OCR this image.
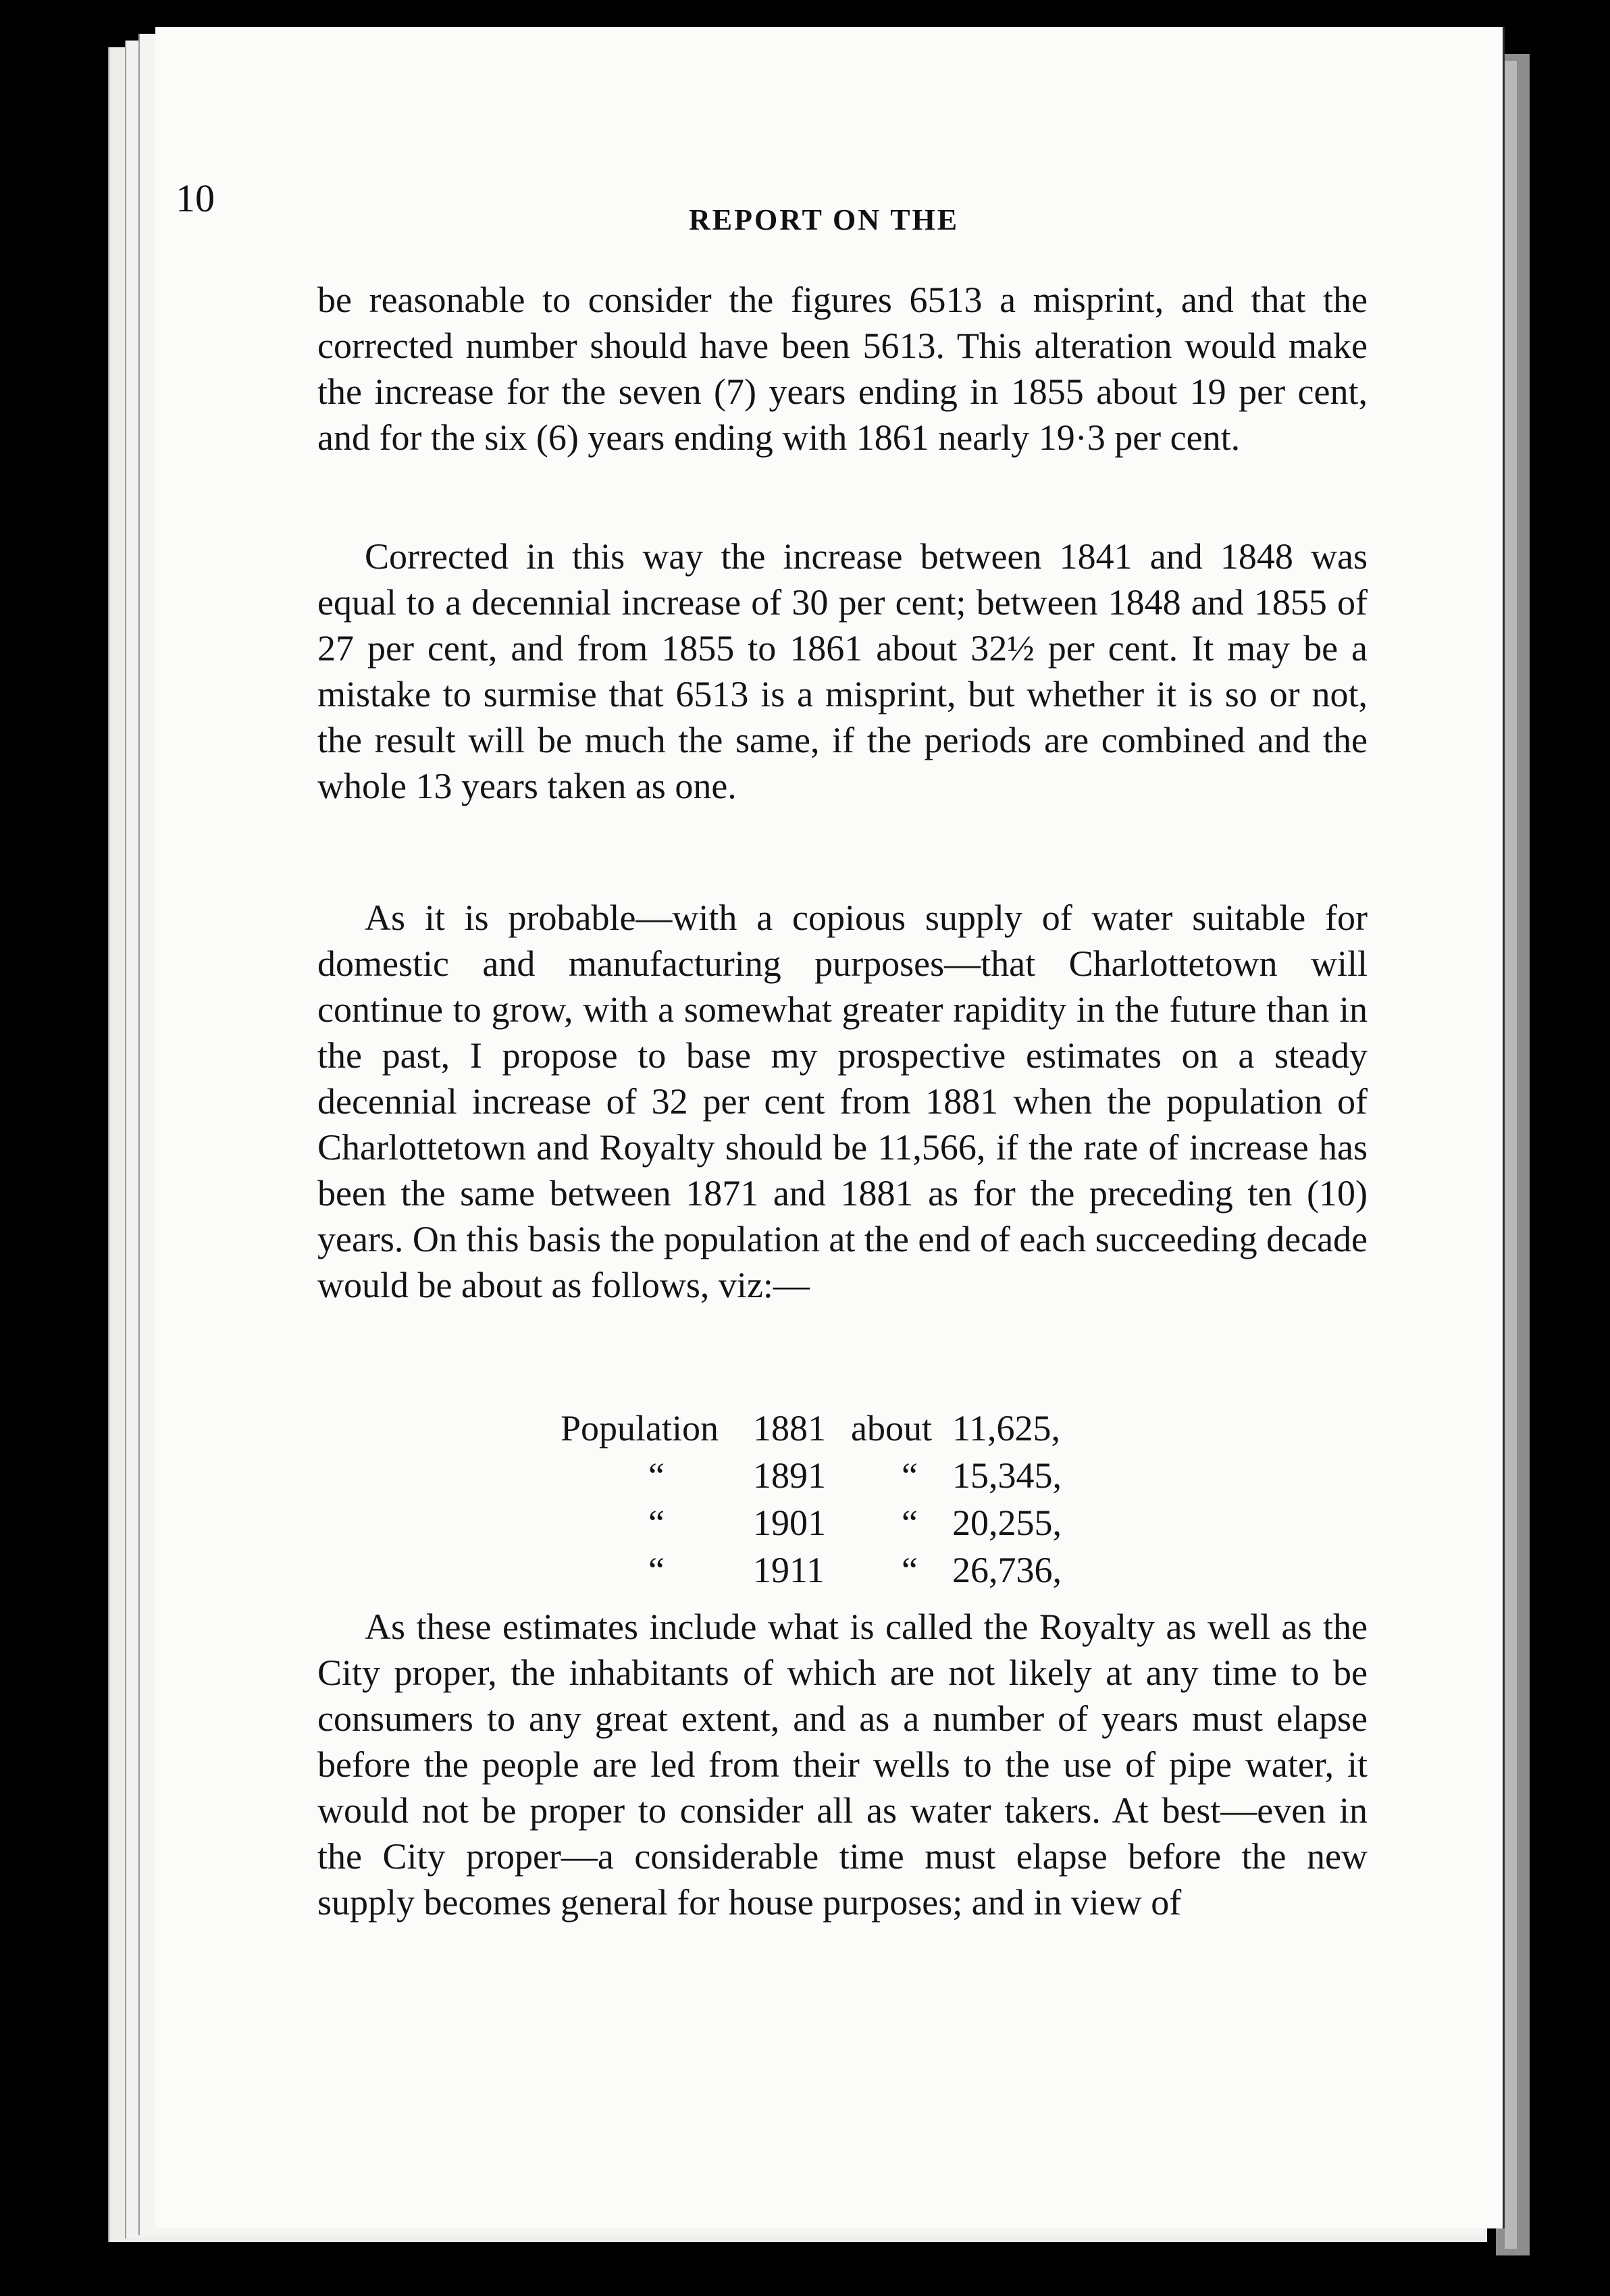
10	REPORT ON THE
be reasonable to consider the figures 6513 a misprint, and that the corrected number should have been 5613. This alteration would make the increase for the seven (7) years ending in 1855 about 19 per cent, and for the six (6) years ending with 1861 nearly 19·3 per cent.
Corrected in this way the increase between 1841 and 1848 was equal to a decennial increase of 30 per cent; between 1848 and 1855 of 27 per cent, and from 1855 to 1861 about 32½ per cent. It may be a mistake to surmise that 6513 is a misprint, but whether it is so or not, the result will be much the same, if the periods are combined and the whole 13 years taken as one.
As it is probable—with a copious supply of water suitable for domestic and manufacturing purposes—that Charlottetown will continue to grow, with a somewhat greater rapidity in the future than in the past, I propose to base my prospective estimates on a steady decennial increase of 32 per cent from 1881 when the population of Charlottetown and Royalty should be 11,566, if the rate of increase has been the same between 1871 and 1881 as for the preceding ten (10) years. On this basis the population at the end of each succeeding decade would be about as follows, viz:—
Population 1881 about 11,625,
“ 1891 “ 15,345,
“ 1901 “ 20,255,
“ 1911 “ 26,736,
As these estimates include what is called the Royalty as well as the City proper, the inhabitants of which are not likely at any time to be consumers to any great extent, and as a number of years must elapse before the people are led from their wells to the use of pipe water, it would not be proper to consider all as water takers. At best—even in the City proper—a considerable time must elapse before the new supply becomes general for house purposes; and in view of
